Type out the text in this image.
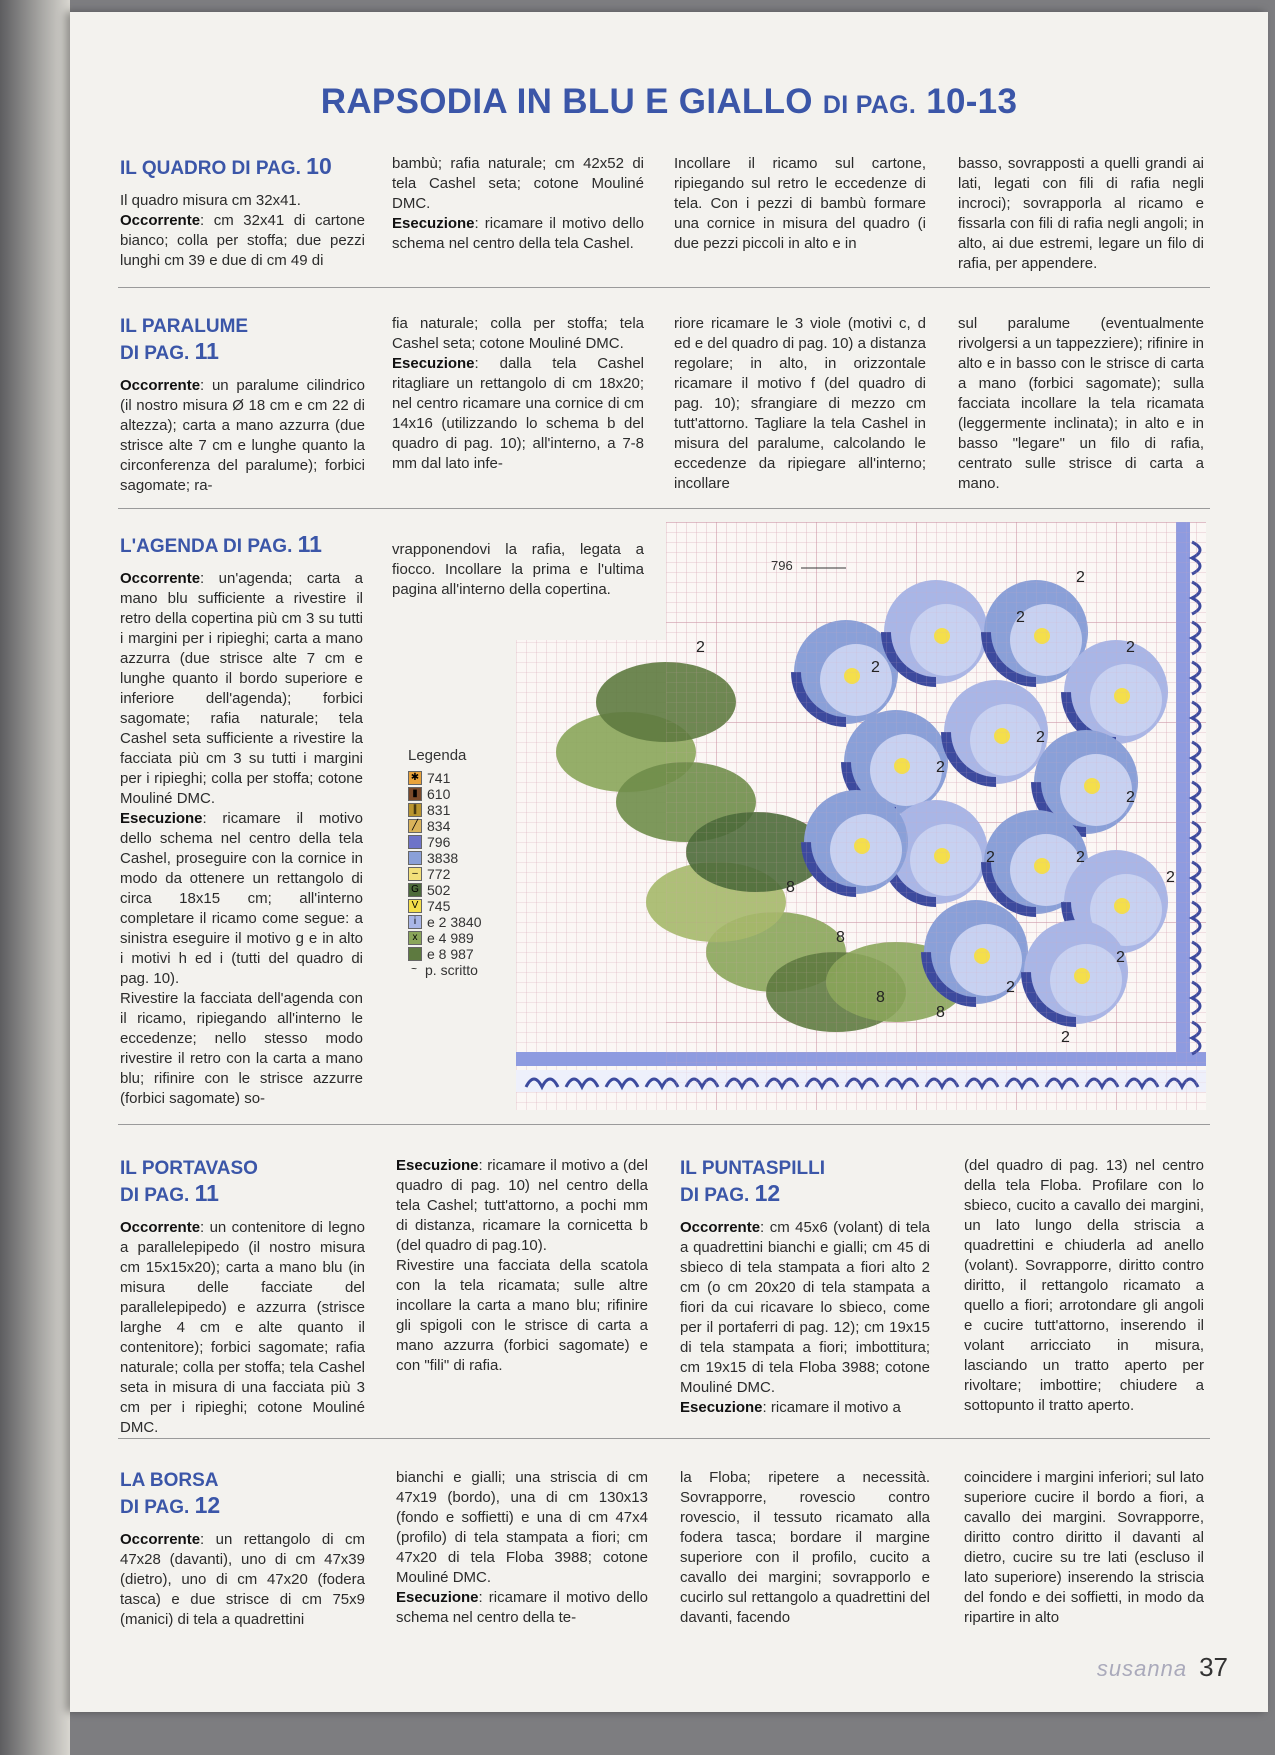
RAPSODIA IN BLU E GIALLO DI PAG. 10-13
IL QUADRO DI PAG. 10

Il quadro misura cm 32x41.

Occorrente: cm 32x41 di cartone bianco; colla per stoffa; due pezzi lunghi cm 39 e due di cm 49 di

bambù; rafia naturale; cm 42x52 di tela Cashel seta; cotone Mouliné DMC.

Esecuzione: ricamare il motivo dello schema nel centro della tela Cashel.

Incollare il ricamo sul cartone, ripiegando sul retro le eccedenze di tela. Con i pezzi di bambù formare una cornice in misura del quadro (i due pezzi piccoli in alto e in

basso, sovrapposti a quelli grandi ai lati, legati con fili di rafia negli incroci); sovrapporla al ricamo e fissarla con fili di rafia negli angoli; in alto, ai due estremi, legare un filo di rafia, per appendere.

IL PARALUME
DI PAG. 11

Occorrente: un paralume cilindrico (il nostro misura Ø 18 cm e cm 22 di altezza); carta a mano azzurra (due strisce alte 7 cm e lunghe quanto la circonferenza del paralume); forbici sagomate; ra-

fia naturale; colla per stoffa; tela Cashel seta; cotone Mouliné DMC.

Esecuzione: dalla tela Cashel ritagliare un rettangolo di cm 18x20; nel centro ricamare una cornice di cm 14x16 (utilizzando lo schema b del quadro di pag. 10); all'interno, a 7-8 mm dal lato infe-

riore ricamare le 3 viole (motivi c, d ed e del quadro di pag. 10) a distanza regolare; in alto, in orizzontale ricamare il motivo f (del quadro di pag. 10); sfrangiare di mezzo cm tutt'attorno. Tagliare la tela Cashel in misura del paralume, calcolando le eccedenze da ripiegare all'interno; incollare

sul paralume (eventualmente rivolgersi a un tappezziere); rifinire in alto e in basso con le strisce di carta a mano (forbici sagomate); sulla facciata incollare la tela ricamata (leggermente inclinata); in alto e in basso "legare" un filo di rafia, centrato sulle strisce di carta a mano.

L'AGENDA DI PAG. 11

Occorrente: un'agenda; carta a mano blu sufficiente a rivestire il retro della copertina più cm 3 su tutti i margini per i ripieghi; carta a mano azzurra (due strisce alte 7 cm e lunghe quanto il bordo superiore e inferiore dell'agenda); forbici sagomate; rafia naturale; tela Cashel seta sufficiente a rivestire la facciata più cm 3 su tutti i margini per i ripieghi; colla per stoffa; cotone Mouliné DMC.

Esecuzione: ricamare il motivo dello schema nel centro della tela Cashel, proseguire con la cornice in modo da ottenere un rettangolo di circa 18x15 cm; all'interno completare il ricamo come segue: a sinistra eseguire il motivo g e in alto i motivi h ed i (tutti del quadro di pag. 10).

Rivestire la facciata dell'agenda con il ricamo, ripiegando all'interno le eccedenze; nello stesso modo rivestire il retro con la carta a mano blu; rifinire con le strisce azzurre (forbici sagomate) so-

vrapponendovi la rafia, legata a fiocco. Incollare la prima e l'ultima pagina all'interno della copertina.

Legenda
✱ 741
▮ 610
∥ 831
╱ 834
796
3838
– 772
G 502
V 745
i e 2 3840
x e 4 989
e 8 987
~ p. scritto
2
2
2
2
2
2
2
2
2	2
2
2
2
2
8
8
8
8
796
IL PORTAVASO
DI PAG. 11

Occorrente: un contenitore di legno a parallelepipedo (il nostro misura cm 15x15x20); carta a mano blu (in misura delle facciate del parallelepipedo) e azzurra (strisce larghe 4 cm e alte quanto il contenitore); forbici sagomate; rafia naturale; colla per stoffa; tela Cashel seta in misura di una facciata più 3 cm per i ripieghi; cotone Mouliné DMC.

Esecuzione: ricamare il motivo a (del quadro di pag. 10) nel centro della tela Cashel; tutt'attorno, a pochi mm di distanza, ricamare la cornicetta b (del quadro di pag.10).

Rivestire una facciata della scatola con la tela ricamata; sulle altre incollare la carta a mano blu; rifinire gli spigoli con le strisce di carta a mano azzurra (forbici sagomate) e con "fili" di rafia.

IL PUNTASPILLI
DI PAG. 12

Occorrente: cm 45x6 (volant) di tela a quadrettini bianchi e gialli; cm 45 di sbieco di tela stampata a fiori alto 2 cm (o cm 20x20 di tela stampata a fiori da cui ricavare lo sbieco, come per il portaferri di pag. 12); cm 19x15 di tela stampata a fiori; imbottitura; cm 19x15 di tela Floba 3988; cotone Mouliné DMC.

Esecuzione: ricamare il motivo a

(del quadro di pag. 13) nel centro della tela Floba. Profilare con lo sbieco, cucito a cavallo dei margini, un lato lungo della striscia a quadrettini e chiuderla ad anello (volant). Sovrapporre, diritto contro diritto, il rettangolo ricamato a quello a fiori; arrotondare gli angoli e cucire tutt'attorno, inserendo il volant arricciato in misura, lasciando un tratto aperto per rivoltare; imbottire; chiudere a sottopunto il tratto aperto.

LA BORSA
DI PAG. 12

Occorrente: un rettangolo di cm 47x28 (davanti), uno di cm 47x39 (dietro), uno di cm 47x20 (fodera tasca) e due strisce di cm 75x9 (manici) di tela a quadrettini

bianchi e gialli; una striscia di cm 47x19 (bordo), una di cm 130x13 (fondo e soffietti) e una di cm 47x4 (profilo) di tela stampata a fiori; cm 47x20 di tela Floba 3988; cotone Mouliné DMC.

Esecuzione: ricamare il motivo dello schema nel centro della te-

la Floba; ripetere a necessità. Sovrapporre, rovescio contro rovescio, il tessuto ricamato alla fodera tasca; bordare il margine superiore con il profilo, cucito a cavallo dei margini; sovrapporlo e cucirlo sul rettangolo a quadrettini del davanti, facendo

coincidere i margini inferiori; sul lato superiore cucire il bordo a fiori, a cavallo dei margini. Sovrapporre, diritto contro diritto il davanti al dietro, cucire su tre lati (escluso il lato superiore) inserendo la striscia del fondo e dei soffietti, in modo da ripartire in alto

susanna 37
